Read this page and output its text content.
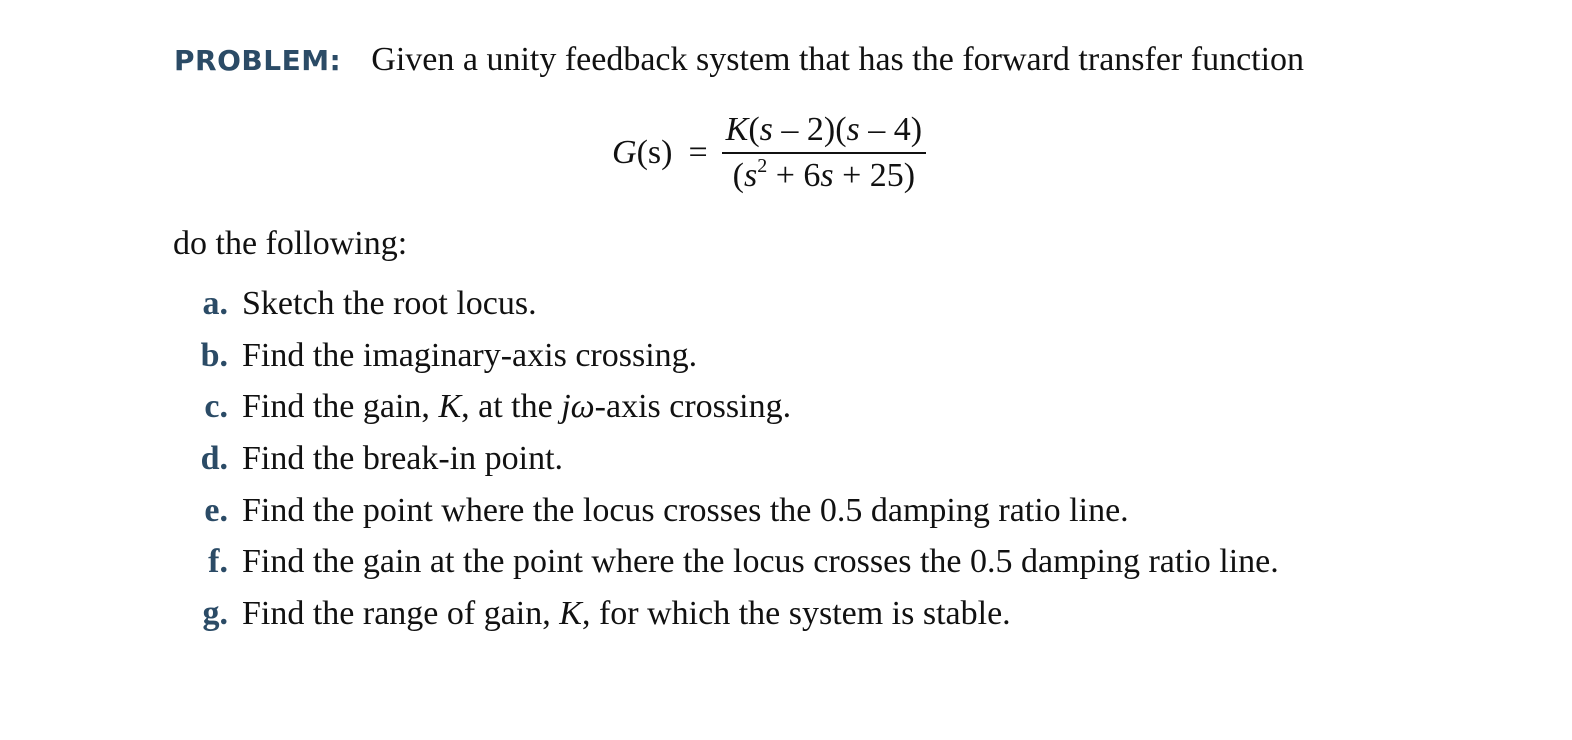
PROBLEM: Given a unity feedback system that has the forward transfer function
$G(s) = \frac{K(s - 2)(s - 4)}{(s^2 + 6s + 25)}$
do the following:
a. Sketch the root locus.
b. Find the imaginary-axis crossing.
c. Find the gain, K, at the jω-axis crossing.
d. Find the break-in point.
e. Find the point where the locus crosses the 0.5 damping ratio line.
f. Find the gain at the point where the locus crosses the 0.5 damping ratio line.
g. Find the range of gain, K, for which the system is stable.
